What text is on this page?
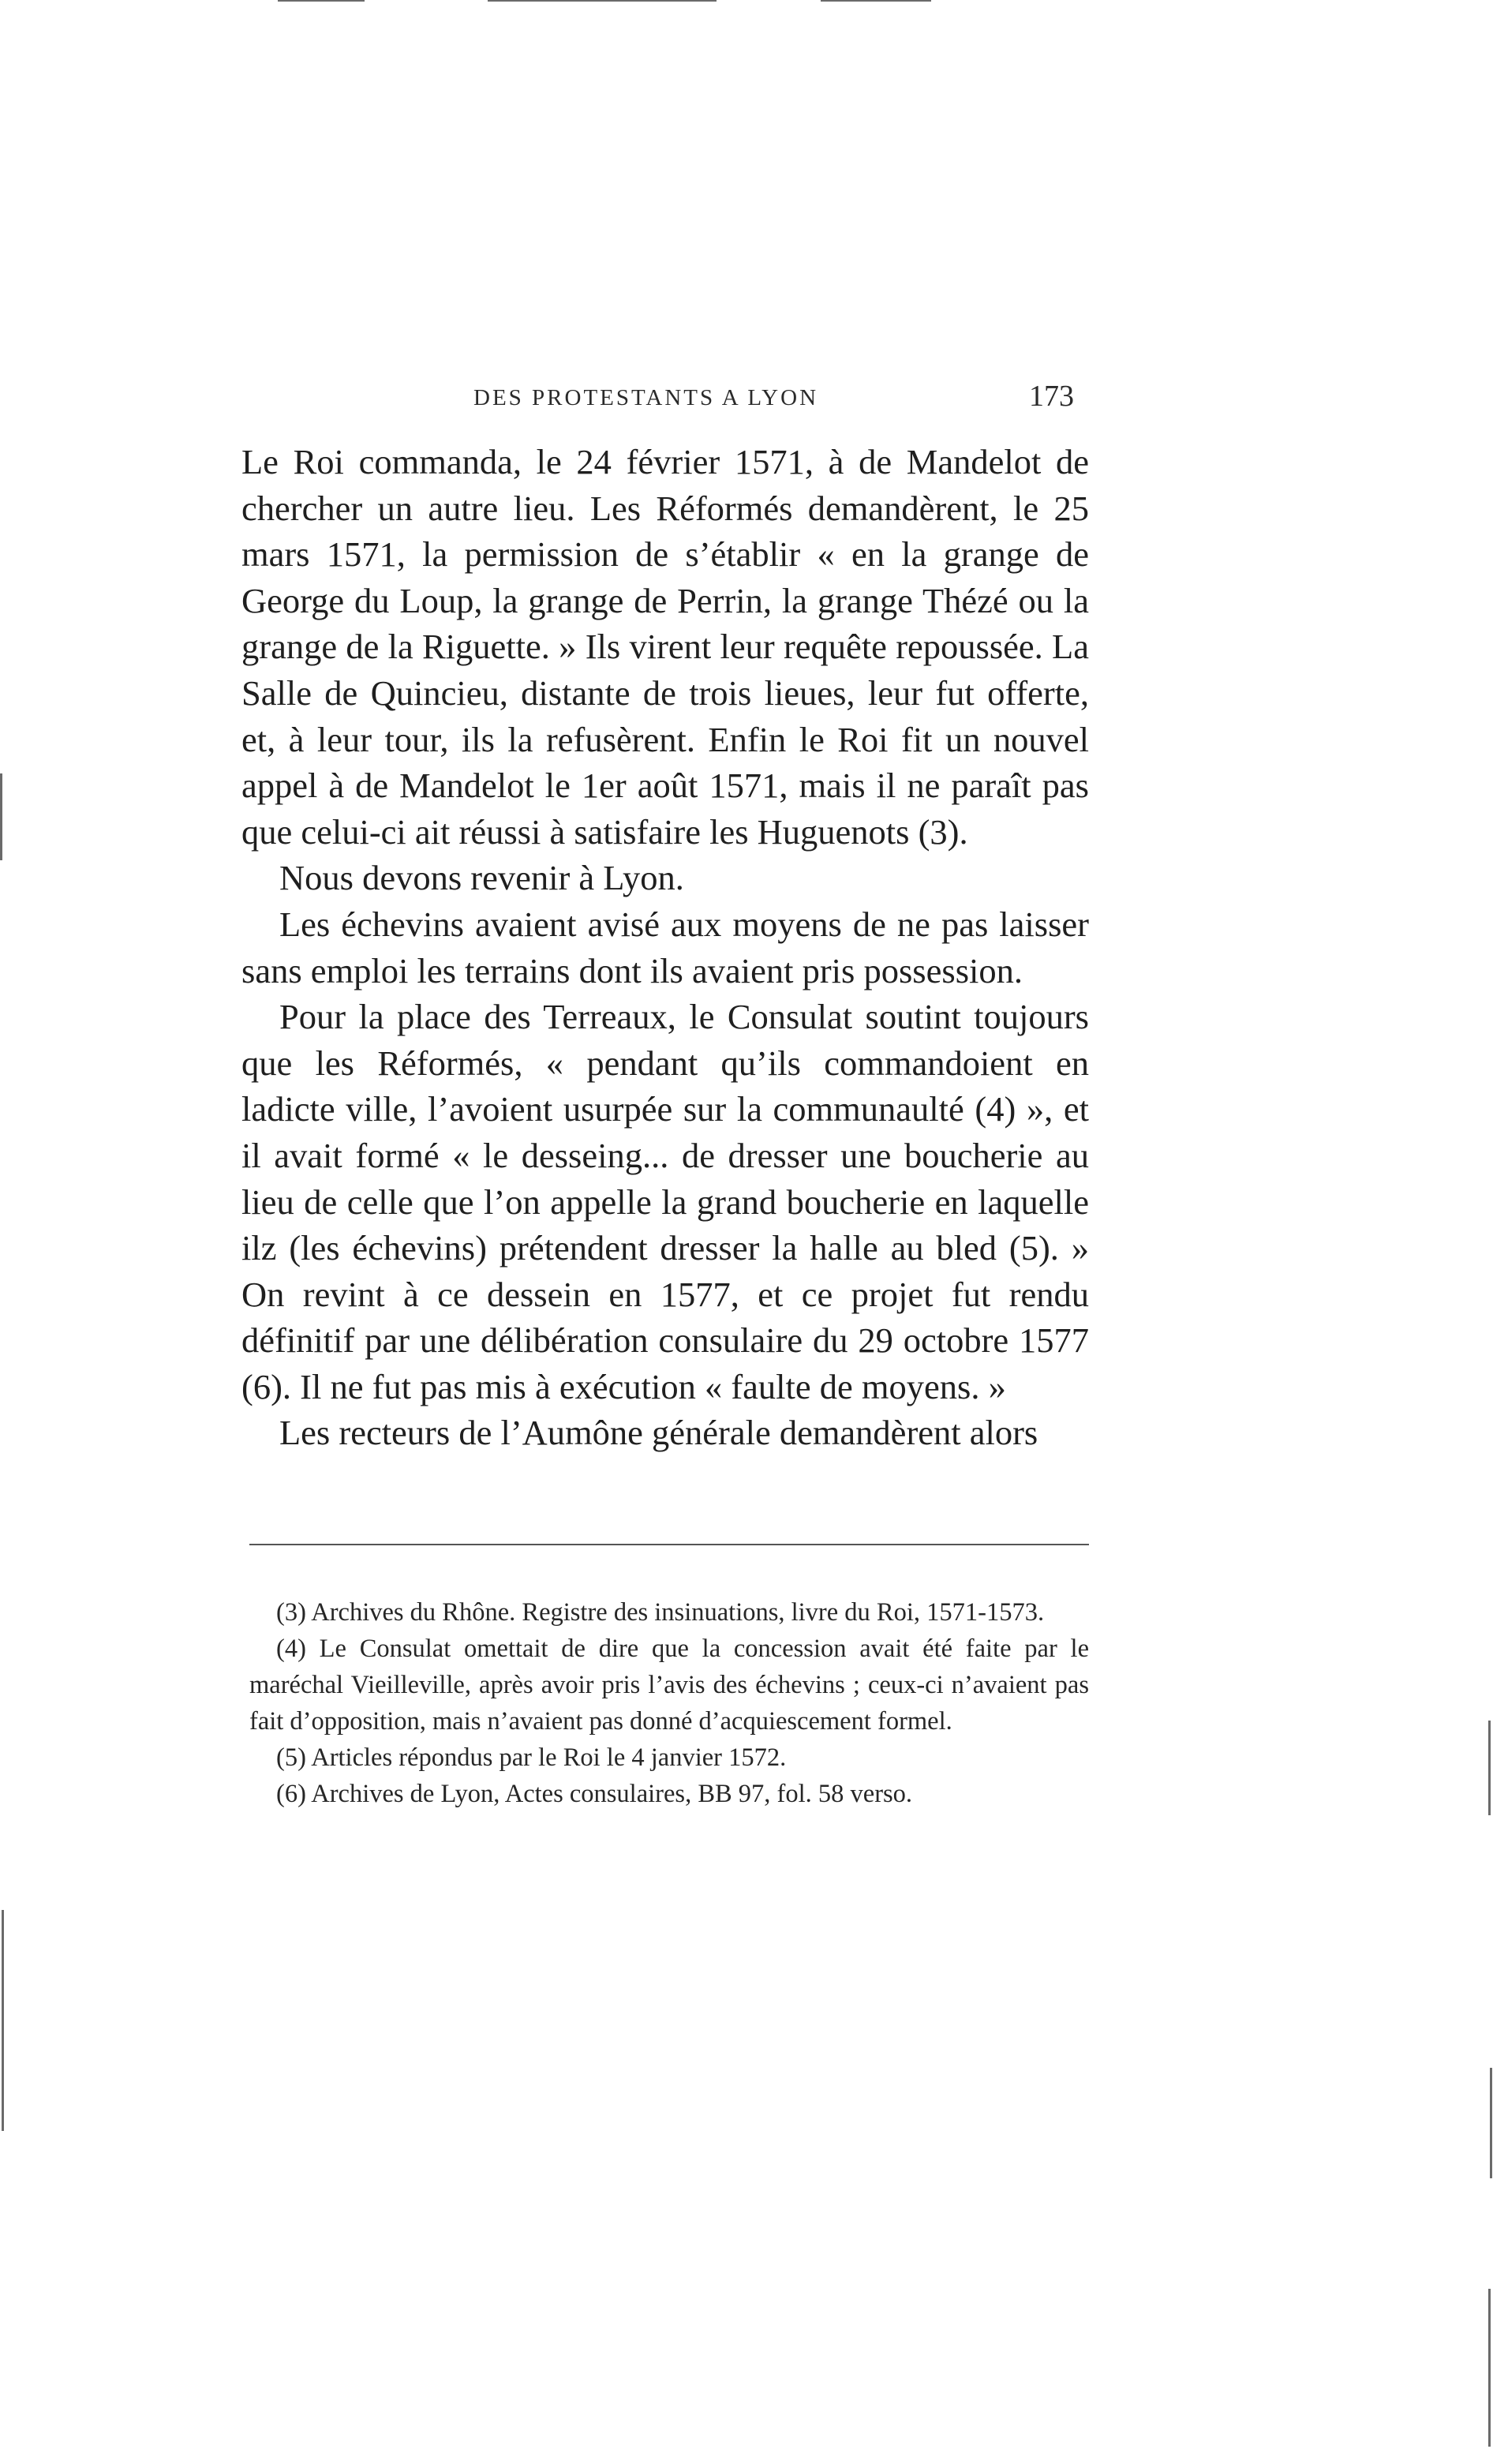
DES PROTESTANTS A LYON	173

Le Roi commanda, le 24 février 1571, à de Mandelot de chercher un autre lieu. Les Réformés demandèrent, le 25 mars 1571, la permission de s’établir « en la grange de George du Loup, la grange de Perrin, la grange Thézé ou la grange de la Riguette. » Ils virent leur requête repoussée. La Salle de Quincieu, distante de trois lieues, leur fut offerte, et, à leur tour, ils la refusèrent. Enfin le Roi fit un nouvel appel à de Mandelot le 1er août 1571, mais il ne paraît pas que celui-ci ait réussi à satisfaire les Huguenots (3).

Nous devons revenir à Lyon.

Les échevins avaient avisé aux moyens de ne pas laisser sans emploi les terrains dont ils avaient pris possession.

Pour la place des Terreaux, le Consulat soutint toujours que les Réformés, « pendant qu’ils commandoient en ladicte ville, l’avoient usurpée sur la communaulté (4) », et il avait formé « le desseing... de dresser une boucherie au lieu de celle que l’on appelle la grand boucherie en laquelle ilz (les échevins) prétendent dresser la halle au bled (5). » On revint à ce dessein en 1577, et ce projet fut rendu définitif par une délibération consulaire du 29 octobre 1577 (6). Il ne fut pas mis à exécution « faulte de moyens. »

Les recteurs de l’Aumône générale demandèrent alors

(3) Archives du Rhône. Registre des insinuations, livre du Roi, 1571-1573.

(4) Le Consulat omettait de dire que la concession avait été faite par le maréchal Vieilleville, après avoir pris l’avis des échevins ; ceux-ci n’avaient pas fait d’opposition, mais n’avaient pas donné d’acquiescement formel.

(5) Articles répondus par le Roi le 4 janvier 1572.

(6) Archives de Lyon, Actes consulaires, BB 97, fol. 58 verso.
